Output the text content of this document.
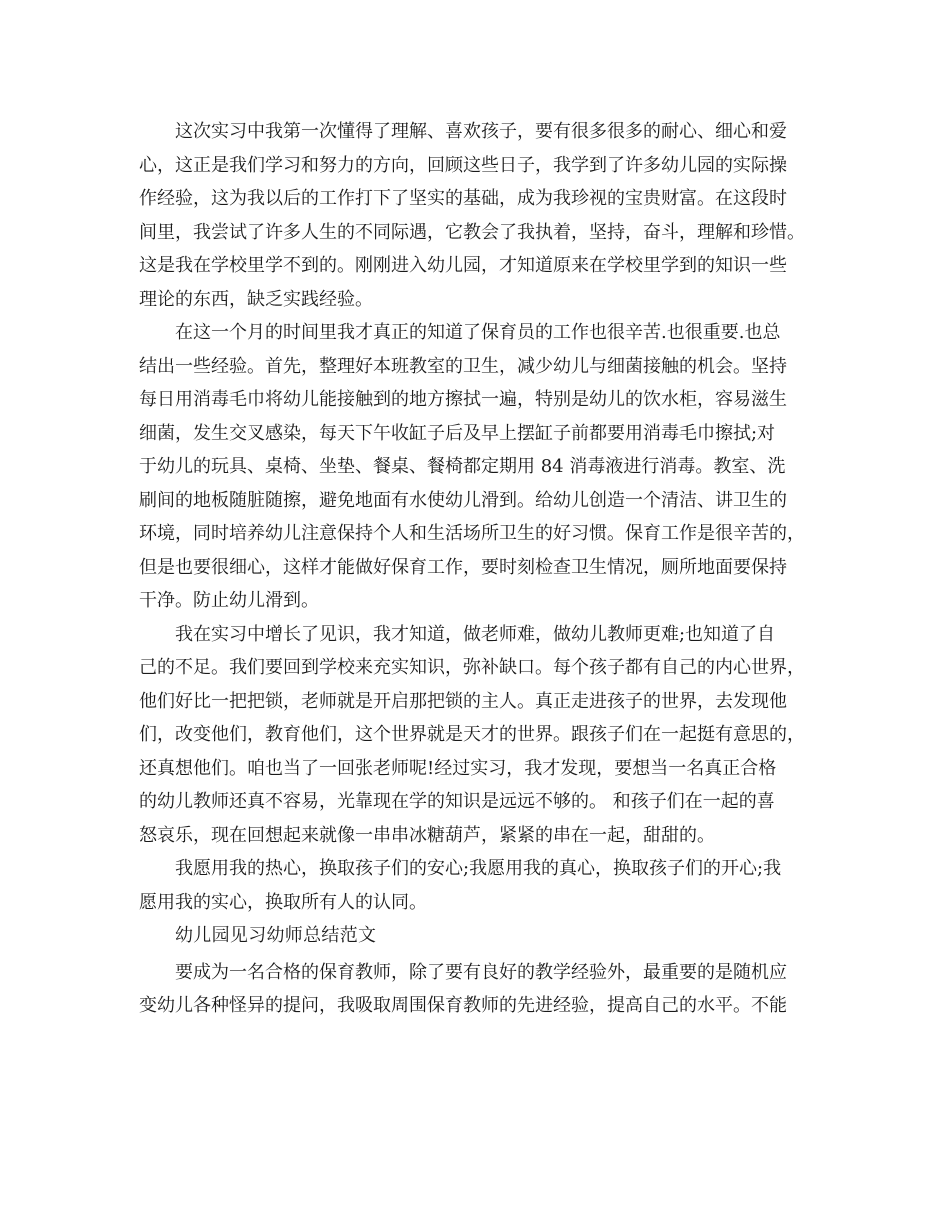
这次实习中我第一次懂得了理解、喜欢孩子，要有很多很多的耐心、细心和爱
心，这正是我们学习和努力的方向，回顾这些日子，我学到了许多幼儿园的实际操
作经验，这为我以后的工作打下了坚实的基础，成为我珍视的宝贵财富。在这段时
间里，我尝试了许多人生的不同际遇，它教会了我执着，坚持，奋斗，理解和珍惜。
这是我在学校里学不到的。刚刚进入幼儿园，才知道原来在学校里学到的知识一些
理论的东西，缺乏实践经验。
在这一个月的时间里我才真正的知道了保育员的工作也很辛苦.也很重要.也总
结出一些经验。首先，整理好本班教室的卫生，减少幼儿与细菌接触的机会。坚持
每日用消毒毛巾将幼儿能接触到的地方擦拭一遍，特别是幼儿的饮水柜，容易滋生
细菌，发生交叉感染，每天下午收缸子后及早上摆缸子前都要用消毒毛巾擦拭;对
于幼儿的玩具、桌椅、坐垫、餐桌、餐椅都定期用 84 消毒液进行消毒。教室、洗
刷间的地板随脏随擦，避免地面有水使幼儿滑到。给幼儿创造一个清洁、讲卫生的
环境，同时培养幼儿注意保持个人和生活场所卫生的好习惯。保育工作是很辛苦的，
但是也要很细心，这样才能做好保育工作，要时刻检查卫生情况，厕所地面要保持
干净。防止幼儿滑到。
我在实习中增长了见识，我才知道，做老师难，做幼儿教师更难;也知道了自
己的不足。我们要回到学校来充实知识，弥补缺口。每个孩子都有自己的内心世界，
他们好比一把把锁，老师就是开启那把锁的主人。真正走进孩子的世界，去发现他
们，改变他们，教育他们，这个世界就是天才的世界。跟孩子们在一起挺有意思的，
还真想他们。咱也当了一回张老师呢!经过实习，我才发现，要想当一名真正合格
的幼儿教师还真不容易，光靠现在学的知识是远远不够的。 和孩子们在一起的喜
怒哀乐，现在回想起来就像一串串冰糖葫芦，紧紧的串在一起，甜甜的。
我愿用我的热心，换取孩子们的安心;我愿用我的真心，换取孩子们的开心;我
愿用我的实心，换取所有人的认同。
幼儿园见习幼师总结范文
要成为一名合格的保育教师，除了要有良好的教学经验外，最重要的是随机应
变幼儿各种怪异的提问，我吸取周围保育教师的先进经验，提高自己的水平。不能
